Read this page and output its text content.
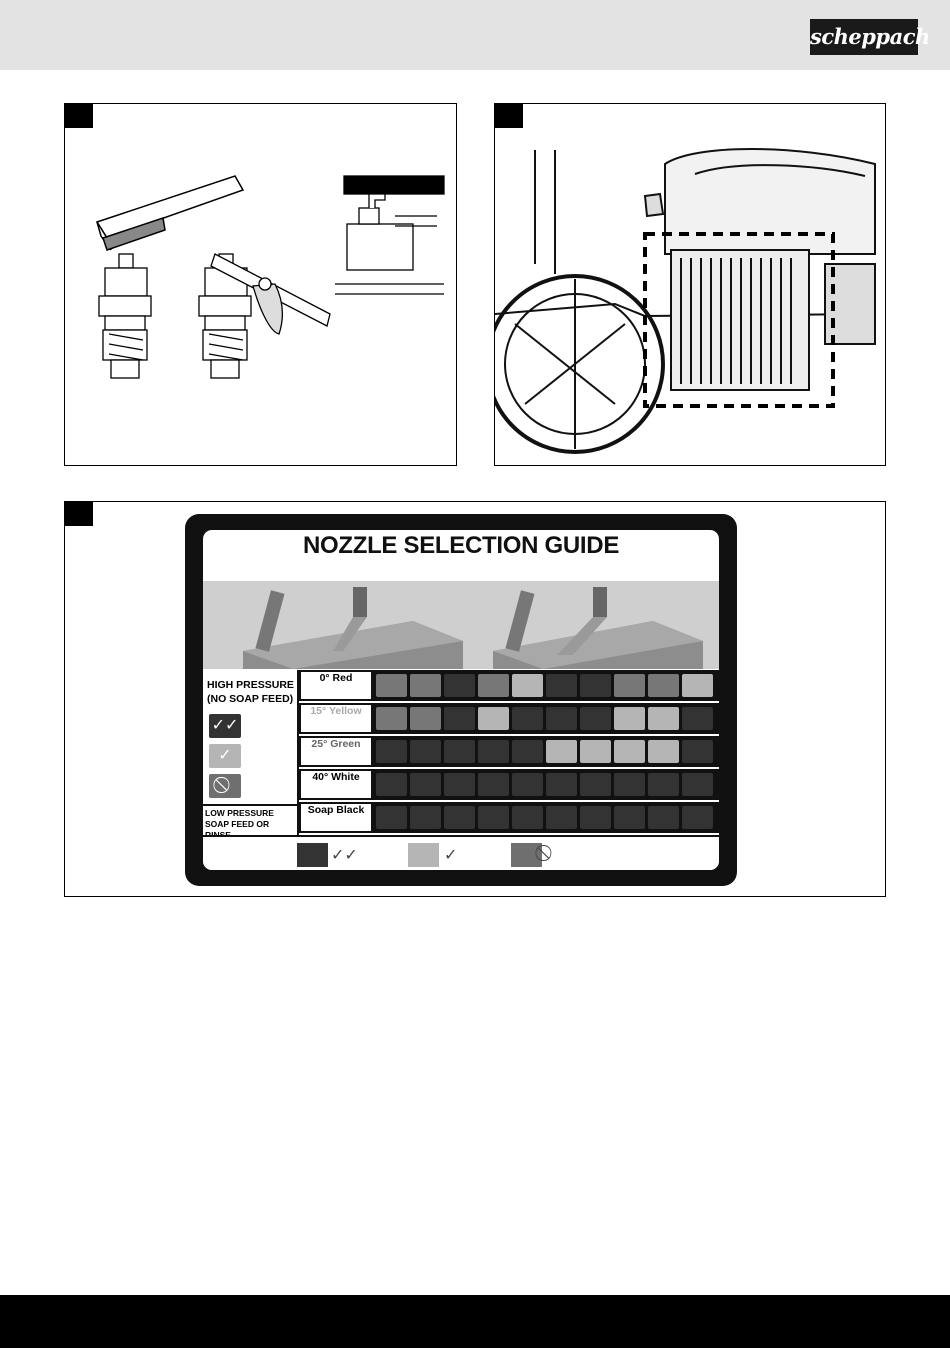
scheppach
NOZZLE SELECTION GUIDE
HIGH PRESSURE (NO SOAP FEED)
✓✓
✓
LOW PRESSURE SOAP FEED OR
0° Red
15° Yellow
25° Green
40° White
Soap Black
✓✓	✓
